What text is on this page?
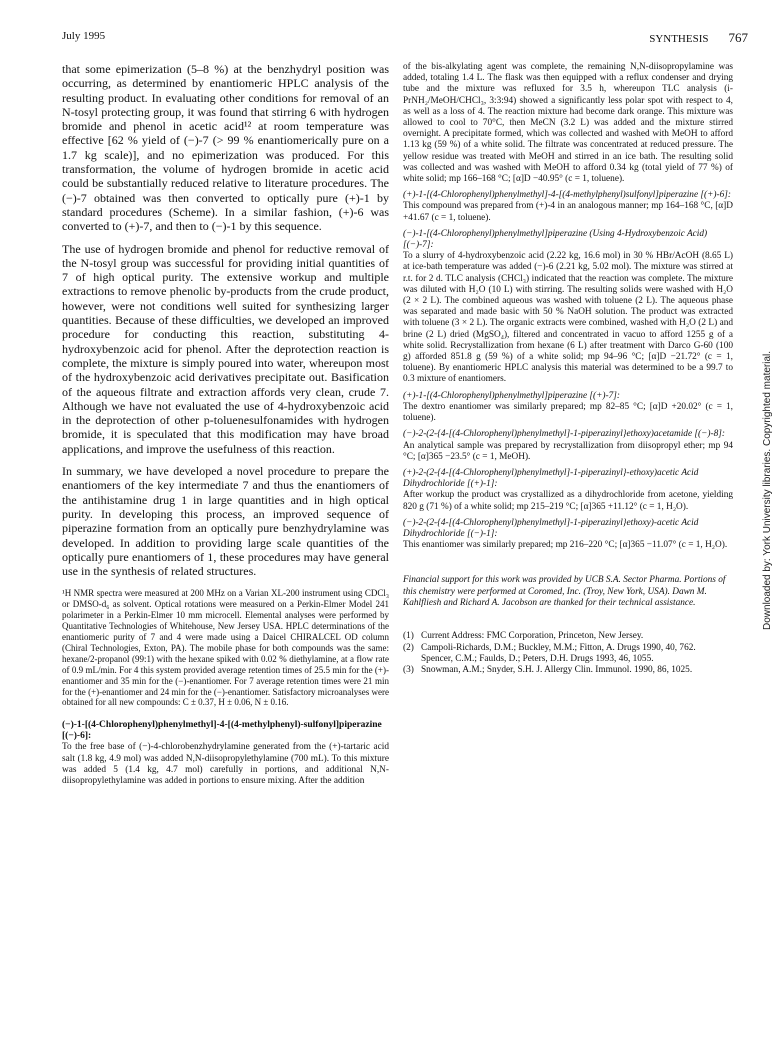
July 1995	SYNTHESIS 767

that some epimerization (5–8 %) at the benzhydryl position was occurring, as determined by enantiomeric HPLC analysis of the resulting product. In evaluating other conditions for removal of an N-tosyl protecting group, it was found that stirring 6 with hydrogen bromide and phenol in acetic acid¹² at room temperature was effective [62 % yield of (−)-7 (> 99 % enantiomerically pure on a 1.7 kg scale)], and no epimerization was produced. For this transformation, the volume of hydrogen bromide in acetic acid could be substantially reduced relative to literature procedures. The (−)-7 obtained was then converted to optically pure (+)-1 by standard procedures (Scheme). In a similar fashion, (+)-6 was converted to (+)-7, and then to (−)-1 by this sequence.

The use of hydrogen bromide and phenol for reductive removal of the N-tosyl group was successful for providing initial quantities of 7 of high optical purity. The extensive workup and multiple extractions to remove phenolic by-products from the crude product, however, were not conditions well suited for synthesizing larger quantities. Because of these difficulties, we developed an improved procedure for conducting this reaction, substituting 4-hydroxybenzoic acid for phenol. After the deprotection reaction is complete, the mixture is simply poured into water, whereupon most of the hydroxybenzoic acid derivatives precipitate out. Basification of the aqueous filtrate and extraction affords very clean, crude 7. Although we have not evaluated the use of 4-hydroxybenzoic acid in the deprotection of other p-toluenesulfonamides with hydrogen bromide, it is speculated that this modification may have broad applications, and improve the usefulness of this reaction.

In summary, we have developed a novel procedure to prepare the enantiomers of the key intermediate 7 and thus the enantiomers of the antihistamine drug 1 in large quantities and in high optical purity. In developing this process, an improved sequence of piperazine formation from an optically pure benzhydrylamine was developed. In addition to providing large scale quantities of the optically pure enantiomers of 1, these procedures may have general use in the synthesis of related structures.

¹H NMR spectra were measured at 200 MHz on a Varian XL-200 instrument using CDCl₃ or DMSO-d₆ as solvent. Optical rotations were measured on a Perkin-Elmer Model 241 polarimeter in a Perkin-Elmer 10 mm microcell. Elemental analyses were performed by Quantitative Technologies of Whitehouse, New Jersey USA. HPLC determinations of the enantiomeric purity of 7 and 4 were made using a Daicel CHIRALCEL OD column (Chiral Technologies, Exton, PA). The mobile phase for both compounds was the same: hexane/2-propanol (99:1) with the hexane spiked with 0.02 % diethylamine, at a flow rate of 0.9 mL/min. For 4 this system provided average retention times of 25.5 min for the (+)-enantiomer and 35 min for the (−)-enantiomer. For 7 average retention times were 21 min for the (+)-enantiomer and 24 min for the (−)-enantiomer. Satisfactory microanalyses were obtained for all new compounds: C ± 0.37, H ± 0.06, N ± 0.16.

(−)-1-[(4-Chlorophenyl)phenylmethyl]-4-[(4-methylphenyl)-sulfonyl]piperazine [(−)-6]:

To the free base of (−)-4-chlorobenzhydrylamine generated from the (+)-tartaric acid salt (1.8 kg, 4.9 mol) was added N,N-diisopropylethylamine (700 mL). To this mixture was added 5 (1.4 kg, 4.7 mol) carefully in portions, and additional N,N-diisopropylethylamine was added in portions to ensure mixing. After the addition

of the bis-alkylating agent was complete, the remaining N,N-diisopropylamine was added, totaling 1.4 L. The flask was then equipped with a reflux condenser and drying tube and the mixture was refluxed for 3.5 h, whereupon TLC analysis (i-PrNH₂/MeOH/CHCl₃, 3:3:94) showed a significantly less polar spot with respect to 4, as well as a loss of 4. The reaction mixture had become dark orange. This mixture was allowed to cool to 70°C, then MeCN (3.2 L) was added and the mixture stirred overnight. A precipitate formed, which was collected and washed with MeOH to afford 1.13 kg (59 %) of a white solid. The filtrate was concentrated at reduced pressure. The yellow residue was treated with MeOH and stirred in an ice bath. The resulting solid was collected and was washed with MeOH to afford 0.34 kg (total yield of 77 %) of white solid; mp 166–168 °C; [α]D −40.95° (c = 1, toluene).

(+)-1-[(4-Chlorophenyl)phenylmethyl]-4-[(4-methylphenyl)sulfonyl]piperazine [(+)-6]:

This compound was prepared from (+)-4 in an analogous manner; mp 164–168 °C, [α]D +41.67 (c = 1, toluene).

(−)-1-[(4-Chlorophenyl)phenylmethyl]piperazine (Using 4-Hydroxybenzoic Acid) [(−)-7]:

To a slurry of 4-hydroxybenzoic acid (2.22 kg, 16.6 mol) in 30 % HBr/AcOH (8.65 L) at ice-bath temperature was added (−)-6 (2.21 kg, 5.02 mol). The mixture was stirred at r.t. for 2 d. TLC analysis (CHCl₃) indicated that the reaction was complete. The mixture was diluted with H₂O (10 L) with stirring. The resulting solids were washed with H₂O (2 × 2 L). The combined aqueous was washed with toluene (2 L). The aqueous phase was separated and made basic with 50 % NaOH solution. The product was extracted with toluene (3 × 2 L). The organic extracts were combined, washed with H₂O (2 L) and brine (2 L) dried (MgSO₄), filtered and concentrated in vacuo to afford 1255 g of a white solid. Recrystallization from hexane (6 L) after treatment with Darco G-60 (100 g) afforded 851.8 g (59 %) of a white solid; mp 94–96 °C; [α]D −21.72° (c = 1, toluene). By enantiomeric HPLC analysis this material was determined to be a 99.7 to 0.3 mixture of enantiomers.

(+)-1-[(4-Chlorophenyl)phenylmethyl]piperazine [(+)-7]:

The dextro enantiomer was similarly prepared; mp 82–85 °C; [α]D +20.02° (c = 1, toluene).

(−)-2-(2-{4-[(4-Chlorophenyl)phenylmethyl]-1-piperazinyl}ethoxy)acetamide [(−)-8]:

An analytical sample was prepared by recrystallization from diisopropyl ether; mp 94 °C; [α]365 −23.5° (c = 1, MeOH).

(+)-2-(2-{4-[(4-Chlorophenyl)phenylmethyl]-1-piperazinyl}-ethoxy)acetic Acid Dihydrochloride [(+)-1]:

After workup the product was crystallized as a dihydrochloride from acetone, yielding 820 g (71 %) of a white solid; mp 215–219 °C; [α]365 +11.12° (c = 1, H₂O).

(−)-2-(2-{4-[(4-Chlorophenyl)phenylmethyl]-1-piperazinyl}ethoxy)-acetic Acid Dihydrochloride [(−)-1]:

This enantiomer was similarly prepared; mp 216–220 °C; [α]365 −11.07° (c = 1, H₂O).

Financial support for this work was provided by UCB S.A. Sector Pharma. Portions of this chemistry were performed at Coromed, Inc. (Troy, New York, USA). Dawn M. Kahlfliesh and Richard A. Jacobson are thanked for their technical assistance.

(1) Current Address: FMC Corporation, Princeton, New Jersey.
(2) Campoli-Richards, D.M.; Buckley, M.M.; Fitton, A. Drugs 1990, 40, 762.
Spencer, C.M.; Faulds, D.; Peters, D.H. Drugs 1993, 46, 1055.
(3) Snowman, A.M.; Snyder, S.H. J. Allergy Clin. Immunol. 1990, 86, 1025.
Downloaded by: York University libraries. Copyrighted material.
